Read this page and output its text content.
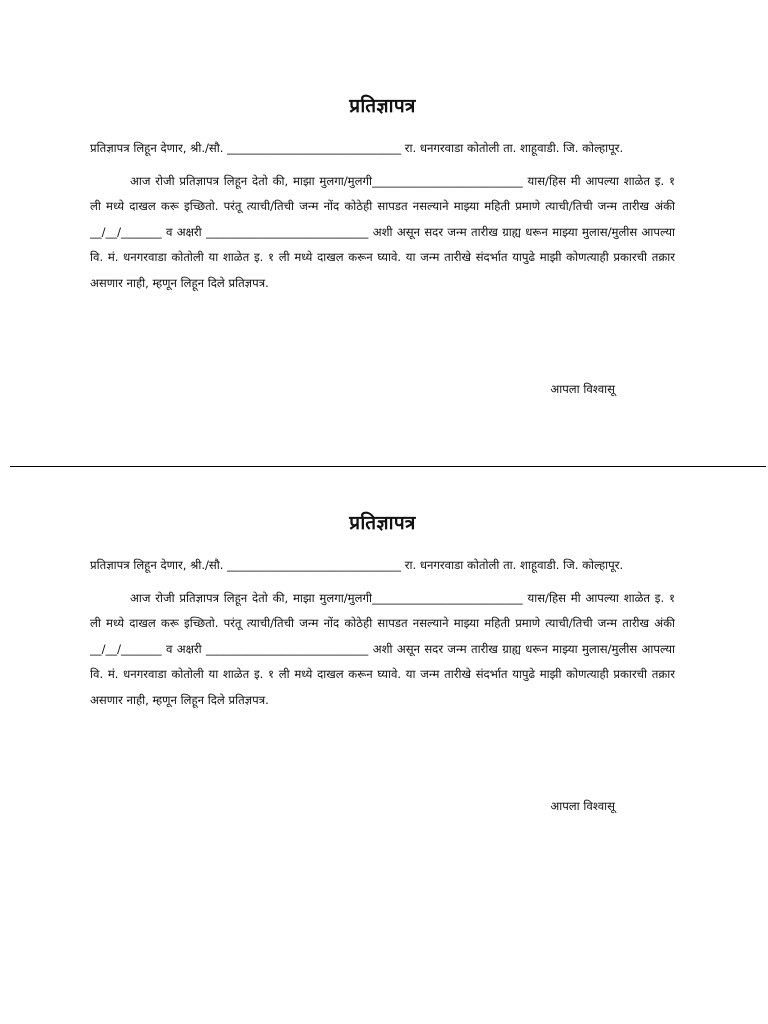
प्रतिज्ञापत्र

प्रतिज्ञापत्र लिहून देणार, श्री./सौ. ______________________________ रा. धनगरवाडा कोतोली ता. शाहूवाडी. जि. कोल्हापूर.

आज रोजी प्रतिज्ञापत्र लिहून देतो की, माझा मुलगा/मुलगी__________________________ यास/हिस मी आपल्या शाळेत इ. १ ली मध्ये दाखल करू इच्छितो. परंतू त्याची/तिची जन्म नोंद कोठेही सापडत नसल्याने माझ्या महिती प्रमाणे त्याची/तिची जन्म तारीख अंकी __/__/_______ व अक्षरी ____________________________ अशी असून सदर जन्म तारीख ग्राह्य धरून माझ्या मुलास/मुलीस आपल्या वि. मं. धनगरवाडा कोतोली या शाळेत इ. १ ली मध्ये दाखल करून घ्यावे. या जन्म तारीखे संदर्भात यापुढे माझी कोणत्याही प्रकारची तक्रार असणार नाही, म्हणून लिहून दिले प्रतिज्ञपत्र.

आपला विश्वासू
प्रतिज्ञापत्र

प्रतिज्ञापत्र लिहून देणार, श्री./सौ. ______________________________ रा. धनगरवाडा कोतोली ता. शाहूवाडी. जि. कोल्हापूर.

आज रोजी प्रतिज्ञापत्र लिहून देतो की, माझा मुलगा/मुलगी__________________________ यास/हिस मी आपल्या शाळेत इ. १ ली मध्ये दाखल करू इच्छितो. परंतू त्याची/तिची जन्म नोंद कोठेही सापडत नसल्याने माझ्या महिती प्रमाणे त्याची/तिची जन्म तारीख अंकी __/__/_______ व अक्षरी ____________________________ अशी असून सदर जन्म तारीख ग्राह्य धरून माझ्या मुलास/मुलीस आपल्या वि. मं. धनगरवाडा कोतोली या शाळेत इ. १ ली मध्ये दाखल करून घ्यावे. या जन्म तारीखे संदर्भात यापुढे माझी कोणत्याही प्रकारची तक्रार असणार नाही, म्हणून लिहून दिले प्रतिज्ञपत्र.

आपला विश्वासू
